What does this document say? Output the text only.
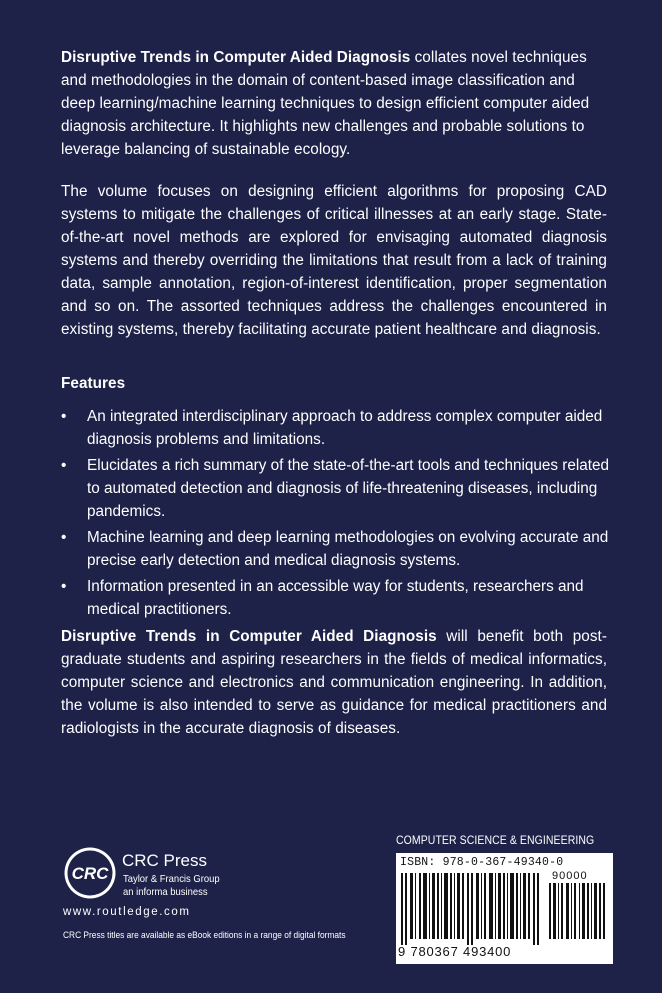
Disruptive Trends in Computer Aided Diagnosis collates novel techniques and methodologies in the domain of content-based image classification and deep learning/machine learning techniques to design efficient computer aided diagnosis architecture. It highlights new challenges and probable solutions to leverage balancing of sustainable ecology.

The volume focuses on designing efficient algorithms for proposing CAD systems to mitigate the challenges of critical illnesses at an early stage. State-of-the-art novel methods are explored for envisaging automated diagnosis systems and thereby overriding the limitations that result from a lack of training data, sample annotation, region-of-interest identification, proper segmentation and so on. The assorted techniques address the challenges encountered in existing systems, thereby facilitating accurate patient healthcare and diagnosis.

Features
• An integrated interdisciplinary approach to address complex computer aided diagnosis problems and limitations.
• Elucidates a rich summary of the state-of-the-art tools and techniques related to automated detection and diagnosis of life-threatening diseases, including pandemics.
• Machine learning and deep learning methodologies on evolving accurate and precise early detection and medical diagnosis systems.
• Information presented in an accessible way for students, researchers and medical practitioners.

Disruptive Trends in Computer Aided Diagnosis will benefit both post-graduate students and aspiring researchers in the fields of medical informatics, computer science and electronics and communication engineering. In addition, the volume is also intended to serve as guidance for medical practitioners and radiologists in the accurate diagnosis of diseases.

COMPUTER SCIENCE & ENGINEERING
ISBN: 978-0-367-49340-0
90000
9 780367 493400
CRC
CRC Press
Taylor & Francis Group
an informa business
www.routledge.com
CRC Press titles are available as eBook editions in a range of digital formats
